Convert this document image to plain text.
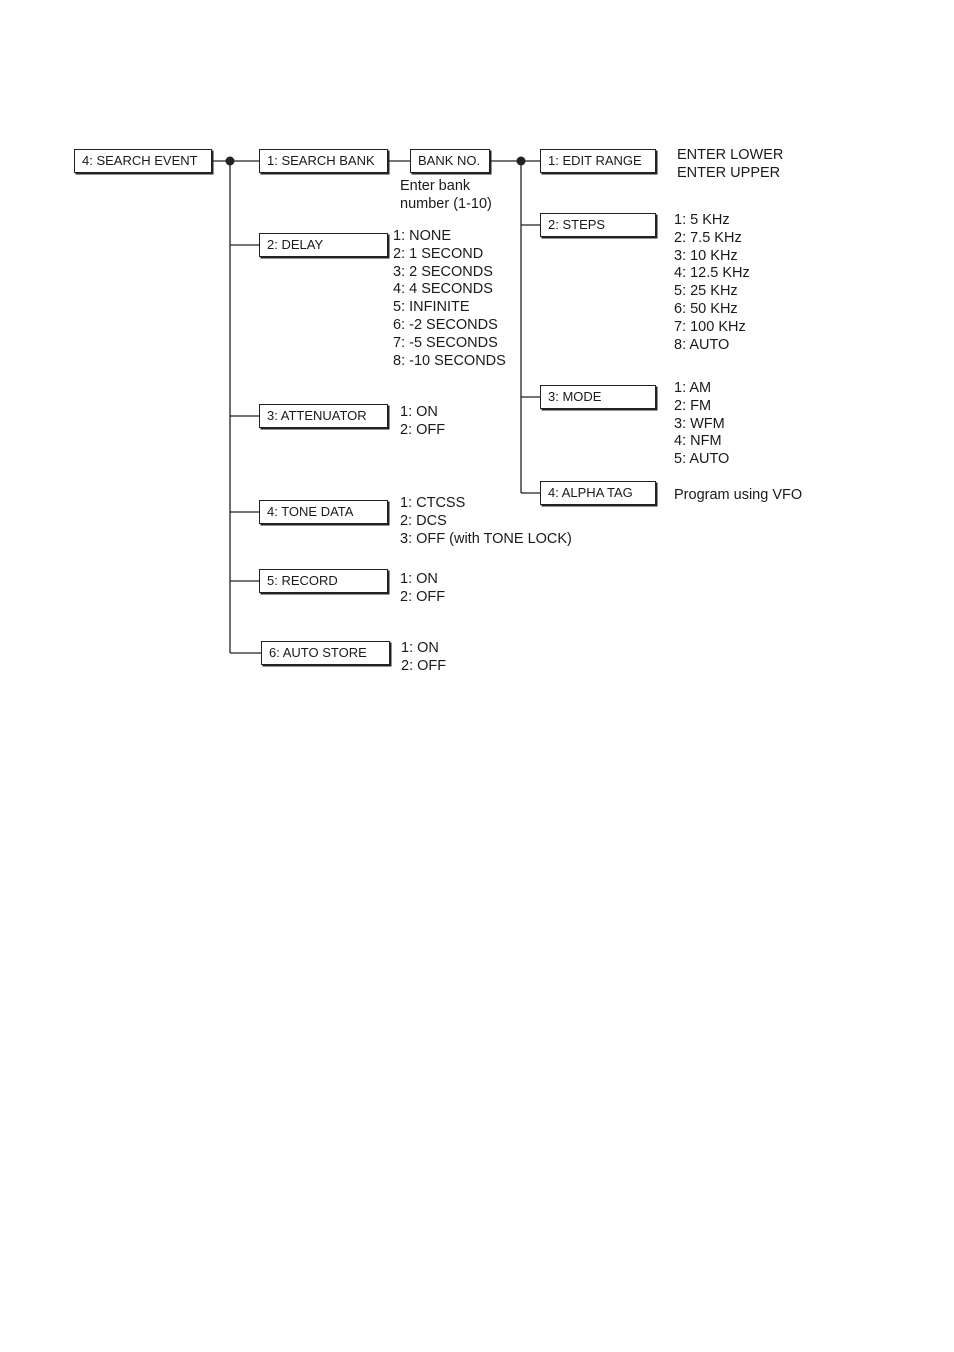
4: SEARCH EVENT	1: SEARCH BANK	BANK NO.
Enter bank
number (1-10)
1: EDIT RANGE	ENTER LOWER
ENTER UPPER
2: STEPS	1: 5 KHz
2: 7.5 KHz
3: 10 KHz
4: 12.5 KHz
5: 25 KHz
6: 50 KHz
7: 100 KHz
8: AUTO
3: MODE
1: AM
2: FM
3: WFM
4: NFM
5: AUTO
4: ALPHA TAG	Program using VFO
2: DELAY
1: NONE
2: 1 SECOND
3: 2 SECONDS
4: 4 SECONDS
5: INFINITE
6: -2 SECONDS
7: -5 SECONDS
8: -10 SECONDS
3: ATTENUATOR	1: ON
2: OFF
4: TONE DATA
1: CTCSS
2: DCS
3: OFF (with TONE LOCK)
5: RECORD	1: ON
2: OFF
6: AUTO STORE	1: ON
2: OFF
